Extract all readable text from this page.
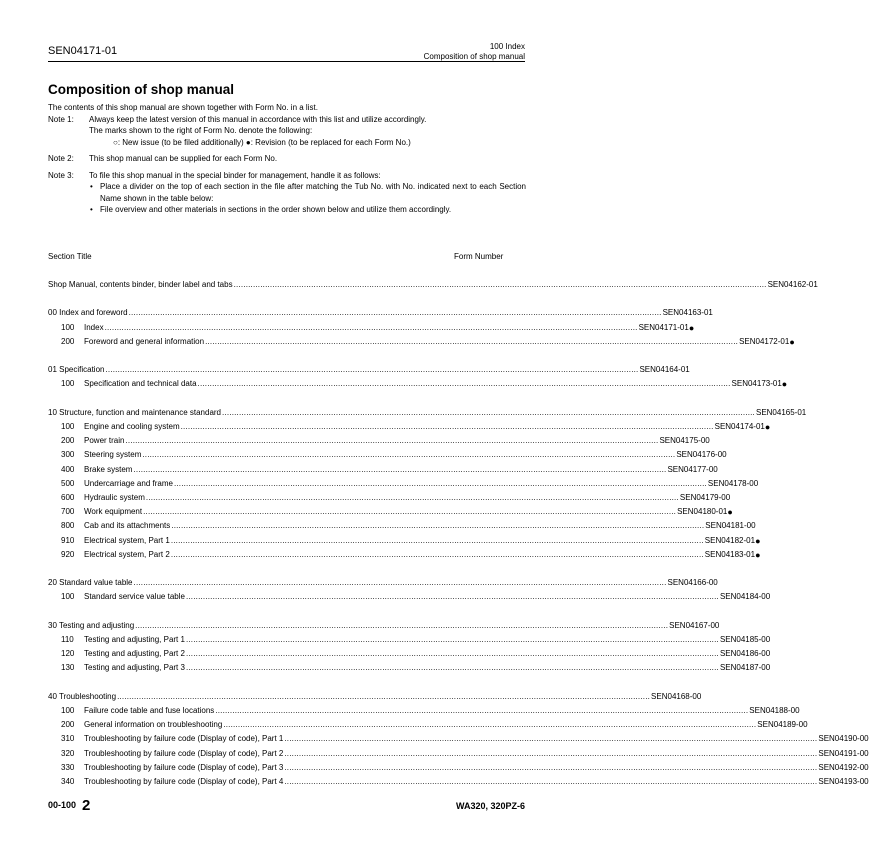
SEN04171-01	100 Index
Composition of shop manual
Composition of shop manual
The contents of this shop manual are shown together with Form No. in a list.
Note 1:	Always keep the latest version of this manual in accordance with this list and utilize accordingly.
The marks shown to the right of Form No. denote the following:
○: New issue (to be filed additionally) ●: Revision (to be replaced for each Form No.)
Note 2:	This shop manual can be supplied for each Form No.
Note 3:	To file this shop manual in the special binder for management, handle it as follows:
• Place a divider on the top of each section in the file after matching the Tub No. with No. indicated next to each Section Name shown in the table below:
• File overview and other materials in sections in the order shown below and utilize them accordingly.
Section Title	Form Number
Shop Manual, contents binder, binder label and tabs ............................................................................................................................................................................................................................ SEN04162-01
00 Index and foreword ............................................................................................................................................................................................................................ SEN04163-01
100 Index ............................................................................................................................................................................................................................ SEN04171-01 ●
200 Foreword and general information ............................................................................................................................................................................................................................ SEN04172-01 ●
01 Specification ............................................................................................................................................................................................................................ SEN04164-01
100 Specification and technical data ............................................................................................................................................................................................................................ SEN04173-01 ●
10 Structure, function and maintenance standard ............................................................................................................................................................................................................................ SEN04165-01
100 Engine and cooling system ............................................................................................................................................................................................................................ SEN04174-01 ●
200 Power train ............................................................................................................................................................................................................................ SEN04175-00
300 Steering system ............................................................................................................................................................................................................................ SEN04176-00
400 Brake system ............................................................................................................................................................................................................................ SEN04177-00
500 Undercarriage and frame ............................................................................................................................................................................................................................ SEN04178-00
600 Hydraulic system ............................................................................................................................................................................................................................ SEN04179-00
700 Work equipment ............................................................................................................................................................................................................................ SEN04180-01 ●
800 Cab and its attachments ............................................................................................................................................................................................................................ SEN04181-00
910 Electrical system, Part 1 ............................................................................................................................................................................................................................ SEN04182-01 ●
920 Electrical system, Part 2 ............................................................................................................................................................................................................................ SEN04183-01 ●
20 Standard value table ............................................................................................................................................................................................................................ SEN04166-00
100 Standard service value table ............................................................................................................................................................................................................................ SEN04184-00
30 Testing and adjusting ............................................................................................................................................................................................................................ SEN04167-00
110 Testing and adjusting, Part 1 ............................................................................................................................................................................................................................ SEN04185-00
120 Testing and adjusting, Part 2 ............................................................................................................................................................................................................................ SEN04186-00
130 Testing and adjusting, Part 3 ............................................................................................................................................................................................................................ SEN04187-00
40 Troubleshooting ............................................................................................................................................................................................................................ SEN04168-00
100 Failure code table and fuse locations ............................................................................................................................................................................................................................ SEN04188-00
200 General information on troubleshooting ............................................................................................................................................................................................................................ SEN04189-00
310 Troubleshooting by failure code (Display of code), Part 1 ............................................................................................................................................................................................................................ SEN04190-00
320 Troubleshooting by failure code (Display of code), Part 2 ............................................................................................................................................................................................................................ SEN04191-00
330 Troubleshooting by failure code (Display of code), Part 3 ............................................................................................................................................................................................................................ SEN04192-00
340 Troubleshooting by failure code (Display of code), Part 4 ............................................................................................................................................................................................................................ SEN04193-00
00-100 2	WA320, 320PZ-6
